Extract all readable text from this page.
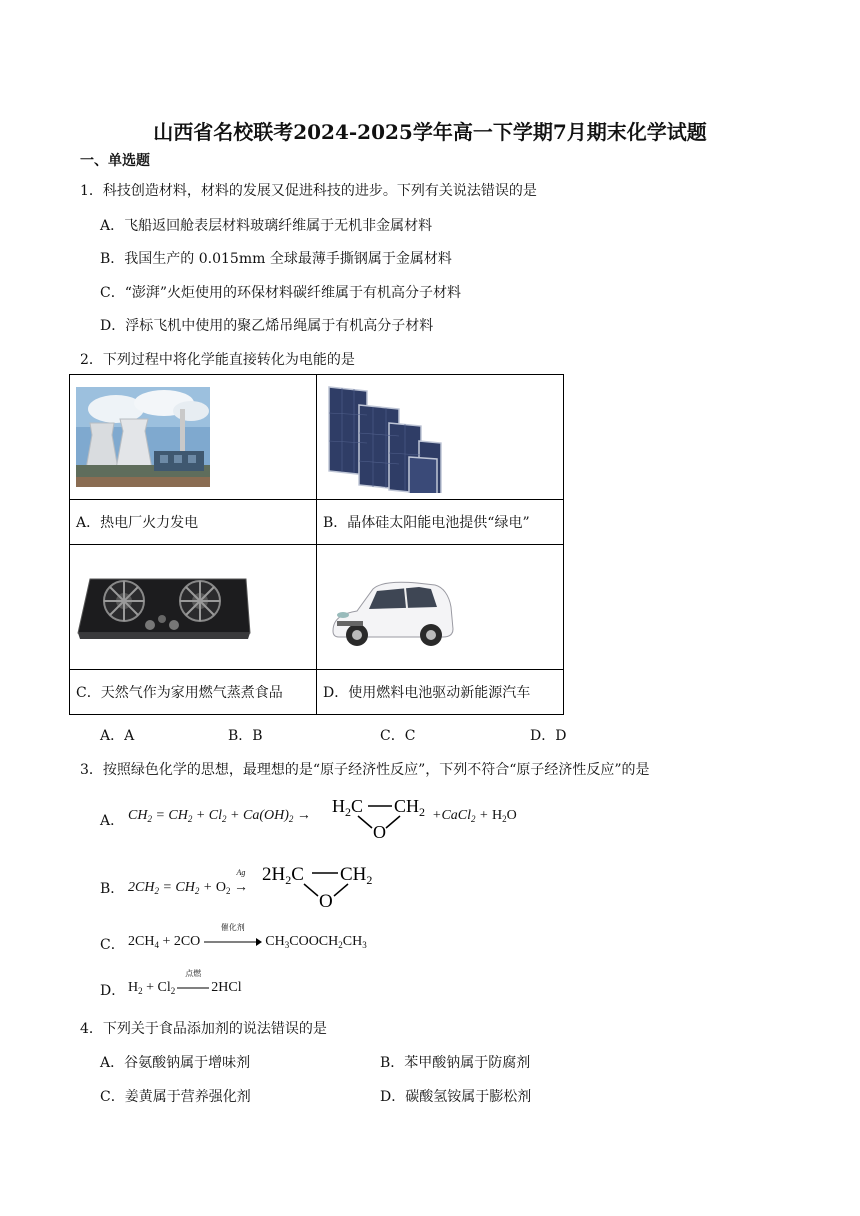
山西省名校联考2024-2025学年高一下学期7月期末化学试题
一、单选题
1．科技创造材料，材料的发展又促进科技的进步。下列有关说法错误的是
A．飞船返回舱表层材料玻璃纤维属于无机非金属材料
B．我国生产的 0.015mm 全球最薄手撕钢属于金属材料
C．“澎湃”火炬使用的环保材料碳纤维属于有机高分子材料
D．浮标飞机中使用的聚乙烯吊绳属于有机高分子材料
2．下列过程中将化学能直接转化为电能的是

A．热电厂火力发电	B．晶体硅太阳能电池提供“绿电”

C．天然气作为家用燃气蒸煮食品	D．使用燃料电池驱动新能源汽车
A．A	B．B	C．C	D．D
3．按照绿色化学的思想，最理想的是“原子经济性反应”，下列不符合“原子经济性反应”的是
A． $CH_2 = CH_2 + Cl_2 + Ca(OH)_2 \to H_2C$ $CH_2$
O
+CaCl$_2$ + $H_2O$
B． $2CH_2 = CH_2 + O_2$
Ag
→
$2H_2C$ $CH_2$
O
C． $2CH_4 + 2CO$
催化剂
$CH_3COOCH_2CH_3$
D． $H_2 + Cl_2$
点燃
2HCl
4．下列关于食品添加剂的说法错误的是
A．谷氨酸钠属于增味剂	B．苯甲酸钠属于防腐剂
C．姜黄属于营养强化剂	D．碳酸氢铵属于膨松剂
